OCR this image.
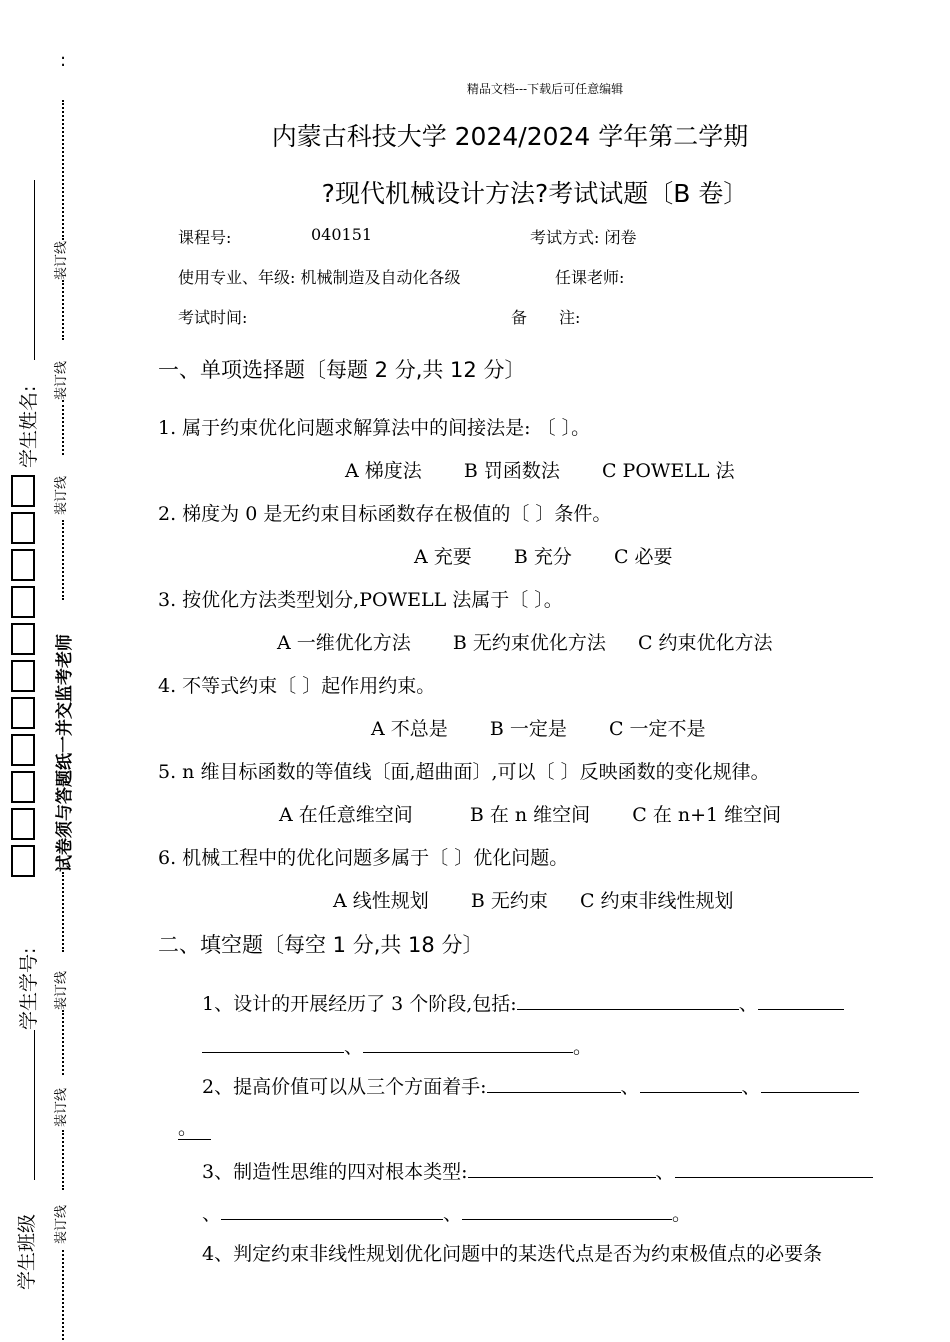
:
装订线
装订线
装订线
装订线
装订线
装订线
试卷须与答题纸一并交监考老师
学生姓名:
学生学号:
学生班级
精品文档---下载后可任意编辑
内蒙古科技大学 2024/2024 学年第二学期
?现代机械设计方法?考试试题〔B 卷〕
课程号:	040151	考试方式: 闭卷
使用专业、年级: 机械制造及自动化各级	任课老师:
考试时间:	备　　注:
一、单项选择题〔每题 2 分,共 12 分〕
1. 属于约束优化问题求解算法中的间接法是: 〔 〕。
A 梯度法 B 罚函数法 C POWELL 法
2. 梯度为 0 是无约束目标函数存在极值的〔 〕条件。
A 充要 B 充分 C 必要
3. 按优化方法类型划分,POWELL 法属于〔 〕。
A 一维优化方法 B 无约束优化方法 C 约束优化方法
4. 不等式约束〔 〕起作用约束。
A 不总是 B 一定是 C 一定不是
5. n 维目标函数的等值线〔面,超曲面〕,可以〔 〕反映函数的变化规律。
A 在任意维空间	B 在 n 维空间 C 在 n+1 维空间
6. 机械工程中的优化问题多属于〔 〕优化问题。
A 线性规划 B 无约束 C 约束非线性规划
二、填空题〔每空 1 分,共 18 分〕
1、设计的开展经历了 3 个阶段,包括:	、
、	。
2、提高价值可以从三个方面着手:	、	、
。
3、制造性思维的四对根本类型:	、
、	、	。
4、判定约束非线性规划优化问题中的某迭代点是否为约束极值点的必要条
